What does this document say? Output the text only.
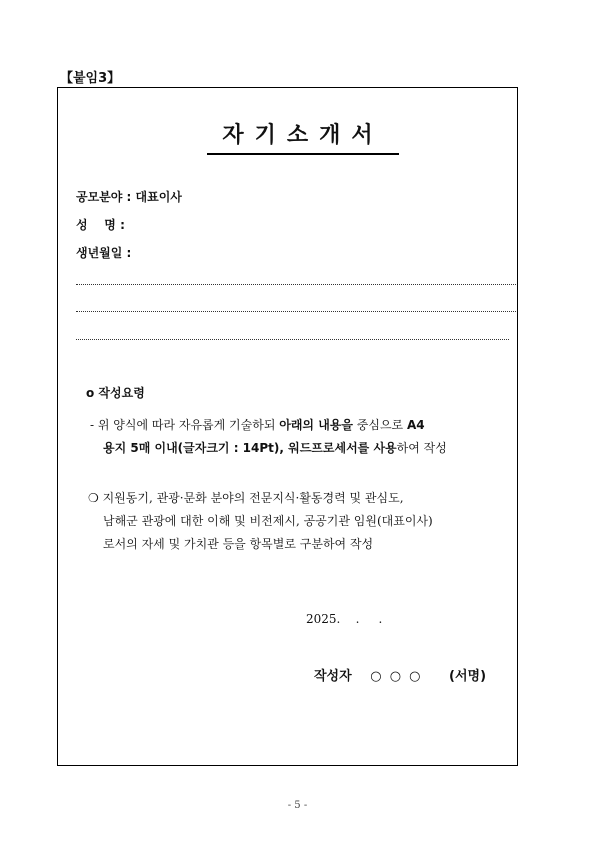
【붙임3】
자기소개서
공모분야 : 대표이사
성    명 :
생년월일 :
o 작성요령
- 위 양식에 따라 자유롭게 기술하되 아래의 내용을 중심으로 A4
용지 5매 이내(글자크기 : 14Pt), 워드프로세서를 사용하여 작성
❍ 지원동기, 관광·문화 분야의 전문지식·활동경력 및 관심도,
남해군 관광에 대한 이해 및 비전제시, 공공기관 임원(대표이사)
로서의 자세 및 가치관 등을 항목별로 구분하여 작성
2025.    .     .
작성자 ○ ○ ○ (서명)
- 5 -
